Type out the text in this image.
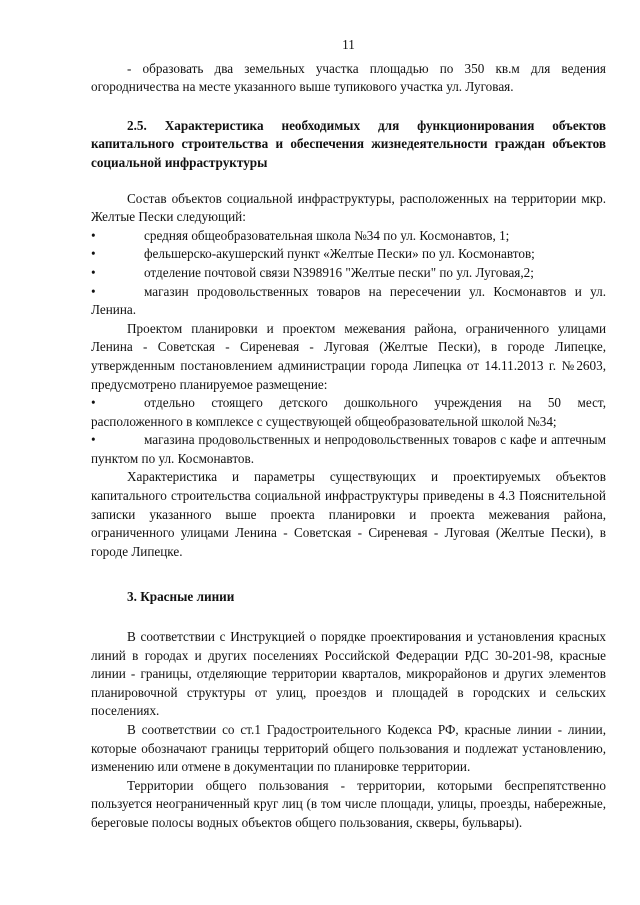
11

- образовать два земельных участка площадью по 350 кв.м для ведения огородничества на месте указанного выше тупикового участка ул. Луговая.

2.5. Характеристика необходимых для функционирования объектов капитального строительства и обеспечения жизнедеятельности граждан объектов социальной инфраструктуры

Состав объектов социальной инфраструктуры, расположенных на территории мкр. Желтые Пески следующий:

•	средняя общеобразовательная школа №34 по ул. Космонавтов, 1;
•	фельшерско-акушерский пункт «Желтые Пески» по ул. Космонавтов;
•	отделение почтовой связи N398916 "Желтые пески" по ул. Луговая,2;
•	магазин продовольственных товаров на пересечении ул. Космонавтов и ул. Ленина.

Проектом планировки и проектом межевания района, ограниченного улицами Ленина - Советская - Сиреневая - Луговая (Желтые Пески), в городе Липецке, утвержденным постановлением администрации города Липецка от 14.11.2013 г. №2603, предусмотрено планируемое размещение:

•	отдельно стоящего детского дошкольного учреждения на 50 мест, расположенного в комплексе с существующей общеобразовательной школой №34;
•	магазина продовольственных и непродовольственных товаров с кафе и аптечным пунктом по ул. Космонавтов.

Характеристика и параметры существующих и проектируемых объектов капитального строительства социальной инфраструктуры приведены в 4.3 Пояснительной записки указанного выше проекта планировки и проекта межевания района, ограниченного улицами Ленина - Советская - Сиреневая - Луговая (Желтые Пески), в городе Липецке.

3. Красные линии

В соответствии с Инструкцией о порядке проектирования и установления красных линий в городах и других поселениях Российской Федерации РДС 30-201-98, красные линии - границы, отделяющие территории кварталов, микрорайонов и других элементов планировочной структуры от улиц, проездов и площадей в городских и сельских поселениях.

В соответствии со ст.1 Градостроительного Кодекса РФ, красные линии - линии, которые обозначают границы территорий общего пользования и подлежат установлению, изменению или отмене в документации по планировке территории.

Территории общего пользования - территории, которыми беспрепятственно пользуется неограниченный круг лиц (в том числе площади, улицы, проезды, набережные, береговые полосы водных объектов общего пользования, скверы, бульвары).
